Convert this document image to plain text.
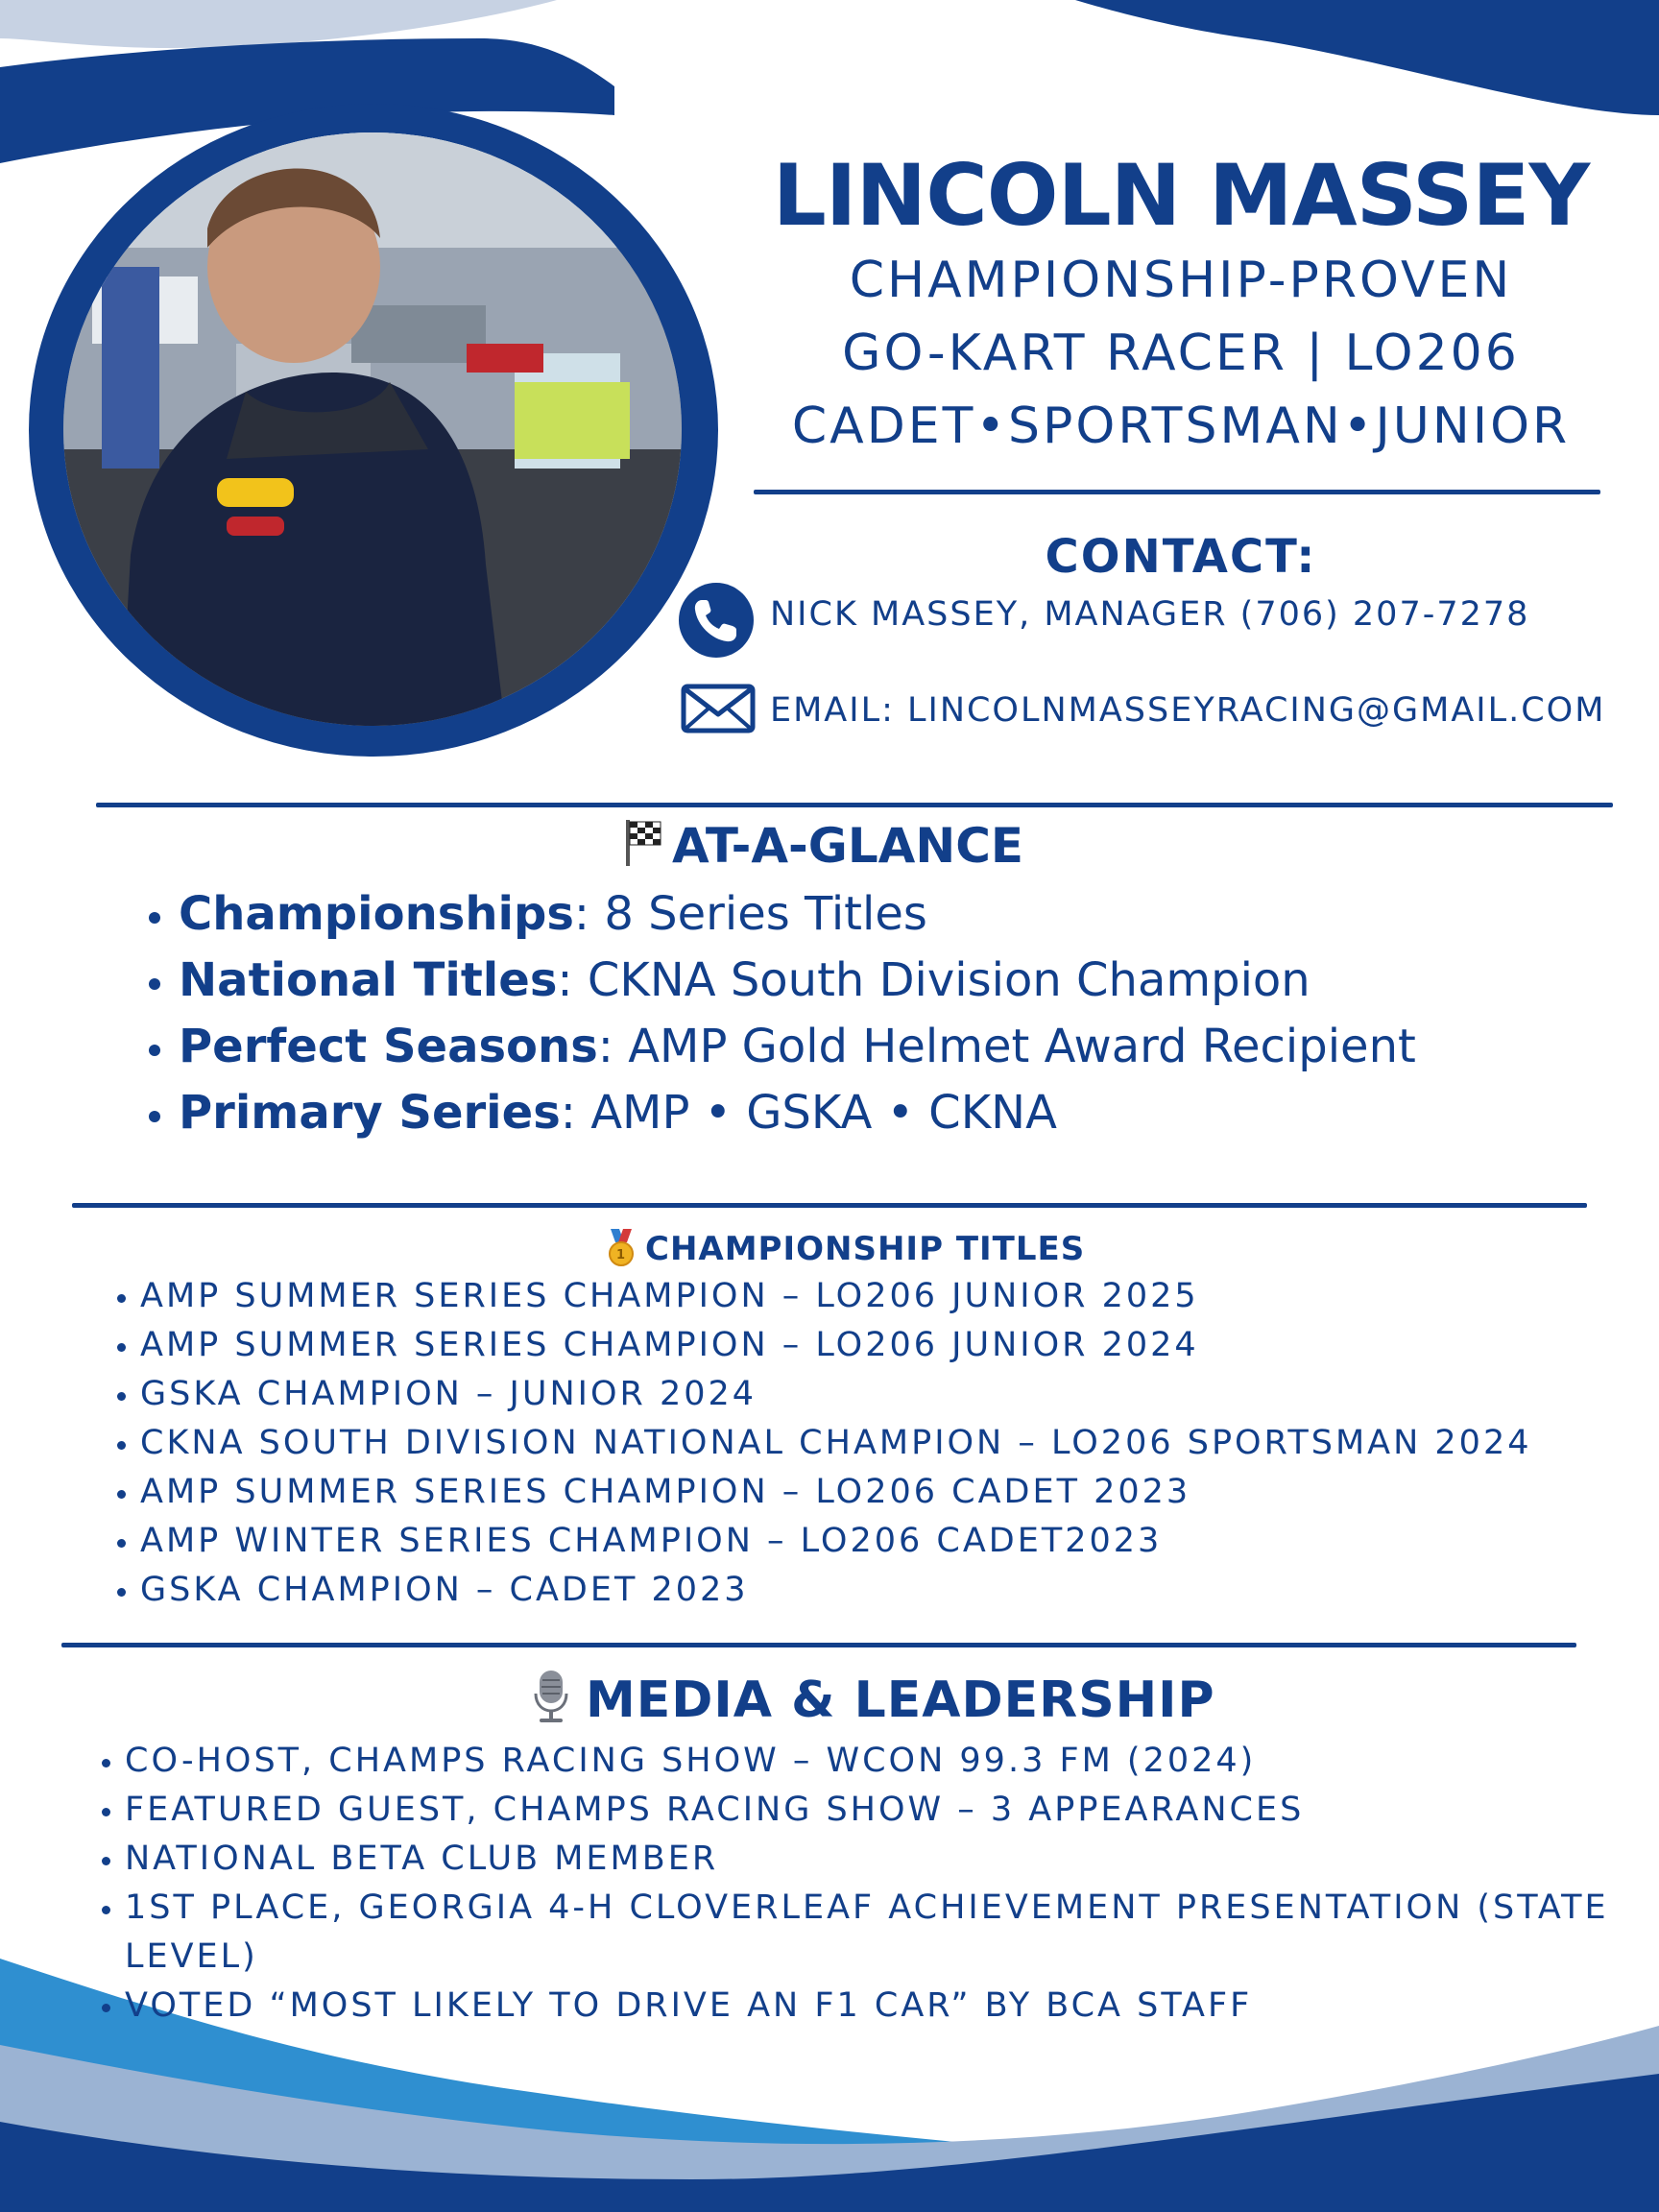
LINCOLN MASSEY
CHAMPIONSHIP-PROVEN
GO-KART RACER | LO206
CADET•SPORTSMAN•JUNIOR
CONTACT:
NICK MASSEY, MANAGER (706) 207-7278
EMAIL: LINCOLNMASSEYRACING@GMAIL.COM
AT-A-GLANCE
• Championships: 8 Series Titles
• National Titles: CKNA South Division Champion
• Perfect Seasons: AMP Gold Helmet Award Recipient
• Primary Series: AMP • GSKA • CKNA
1 CHAMPIONSHIP TITLES
• AMP SUMMER SERIES CHAMPION – LO206 JUNIOR 2025
• AMP SUMMER SERIES CHAMPION – LO206 JUNIOR 2024
• GSKA CHAMPION – JUNIOR 2024
• CKNA SOUTH DIVISION NATIONAL CHAMPION – LO206 SPORTSMAN 2024
• AMP SUMMER SERIES CHAMPION – LO206 CADET 2023
• AMP WINTER SERIES CHAMPION – LO206 CADET2023
• GSKA CHAMPION – CADET 2023
MEDIA & LEADERSHIP
• CO-HOST, CHAMPS RACING SHOW – WCON 99.3 FM (2024)
• FEATURED GUEST, CHAMPS RACING SHOW – 3 APPEARANCES
• NATIONAL BETA CLUB MEMBER
• 1ST PLACE, GEORGIA 4-H CLOVERLEAF ACHIEVEMENT PRESENTATION (STATE LEVEL)
• VOTED “MOST LIKELY TO DRIVE AN F1 CAR” BY BCA STAFF
